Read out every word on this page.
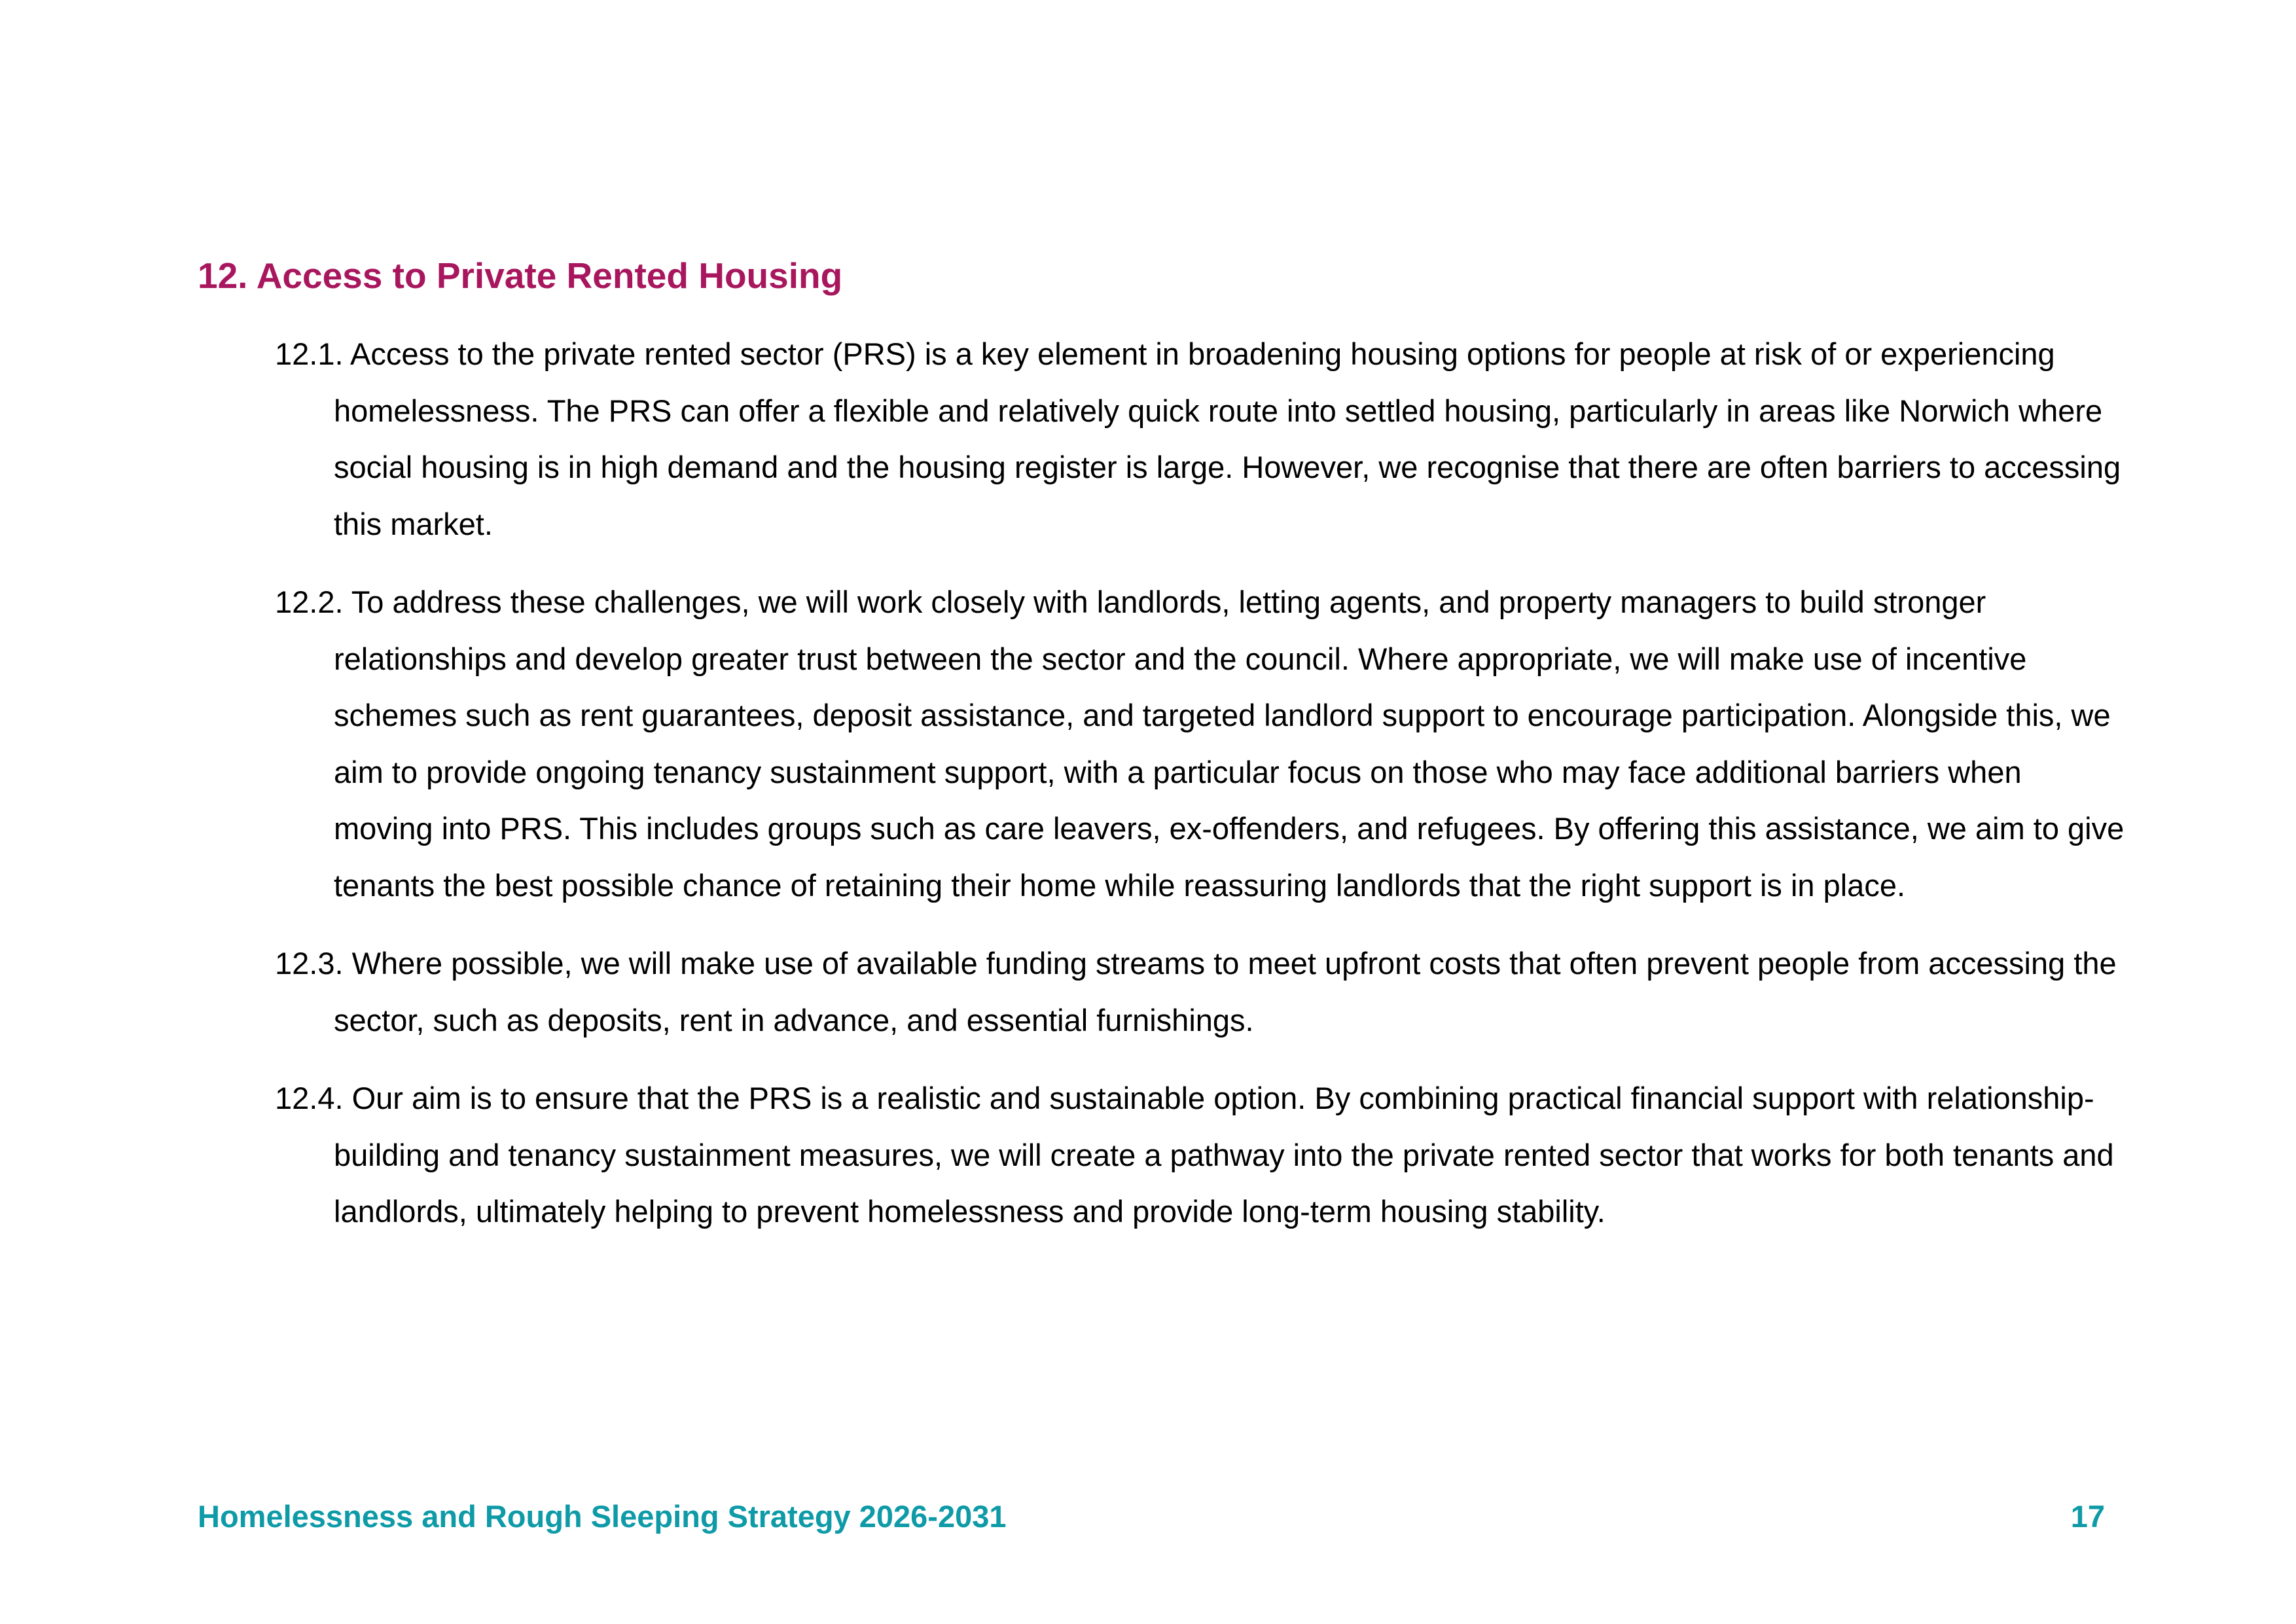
12. Access to Private Rented Housing
12.1. Access to the private rented sector (PRS) is a key element in broadening housing options for people at risk of or experiencing homelessness. The PRS can offer a flexible and relatively quick route into settled housing, particularly in areas like Norwich where social housing is in high demand and the housing register is large. However, we recognise that there are often barriers to accessing this market.
12.2. To address these challenges, we will work closely with landlords, letting agents, and property managers to build stronger relationships and develop greater trust between the sector and the council. Where appropriate, we will make use of incentive schemes such as rent guarantees, deposit assistance, and targeted landlord support to encourage participation. Alongside this, we aim to provide ongoing tenancy sustainment support, with a particular focus on those who may face additional barriers when moving into PRS. This includes groups such as care leavers, ex-offenders, and refugees. By offering this assistance, we aim to give tenants the best possible chance of retaining their home while reassuring landlords that the right support is in place.
12.3. Where possible, we will make use of available funding streams to meet upfront costs that often prevent people from accessing the sector, such as deposits, rent in advance, and essential furnishings.
12.4. Our aim is to ensure that the PRS is a realistic and sustainable option. By combining practical financial support with relationship-building and tenancy sustainment measures, we will create a pathway into the private rented sector that works for both tenants and landlords, ultimately helping to prevent homelessness and provide long-term housing stability.
Homelessness and Rough Sleeping Strategy 2026-2031	17
